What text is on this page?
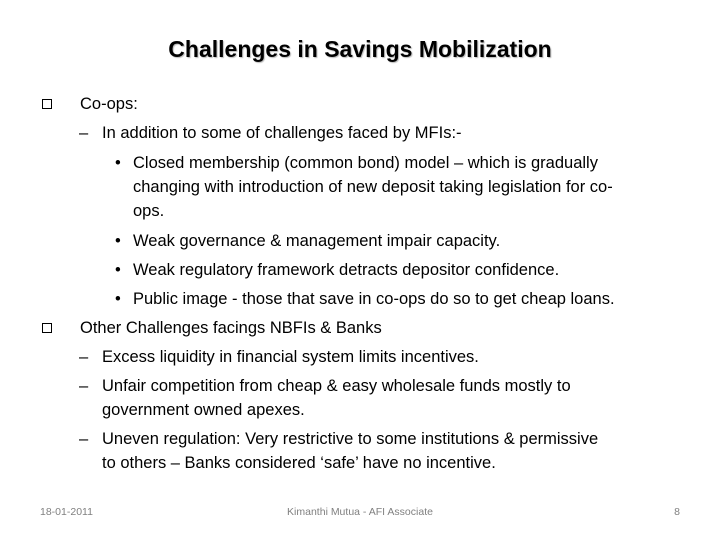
Challenges in Savings Mobilization
Co-ops:
– In addition to some of challenges faced by MFIs:-
• Closed membership (common bond) model – which is gradually
changing with introduction of new deposit taking legislation for co-
ops.
• Weak governance & management impair capacity.
• Weak regulatory framework detracts depositor confidence.
• Public image - those that save in co-ops do so to get cheap loans.
Other Challenges facings NBFIs & Banks
– Excess liquidity in financial system limits incentives.
– Unfair competition from cheap & easy wholesale funds mostly to
government owned apexes.
– Uneven regulation: Very restrictive to some institutions & permissive
to others – Banks considered ‘safe’ have no incentive.
18-01-2011	Kimanthi Mutua - AFI Associate	8
